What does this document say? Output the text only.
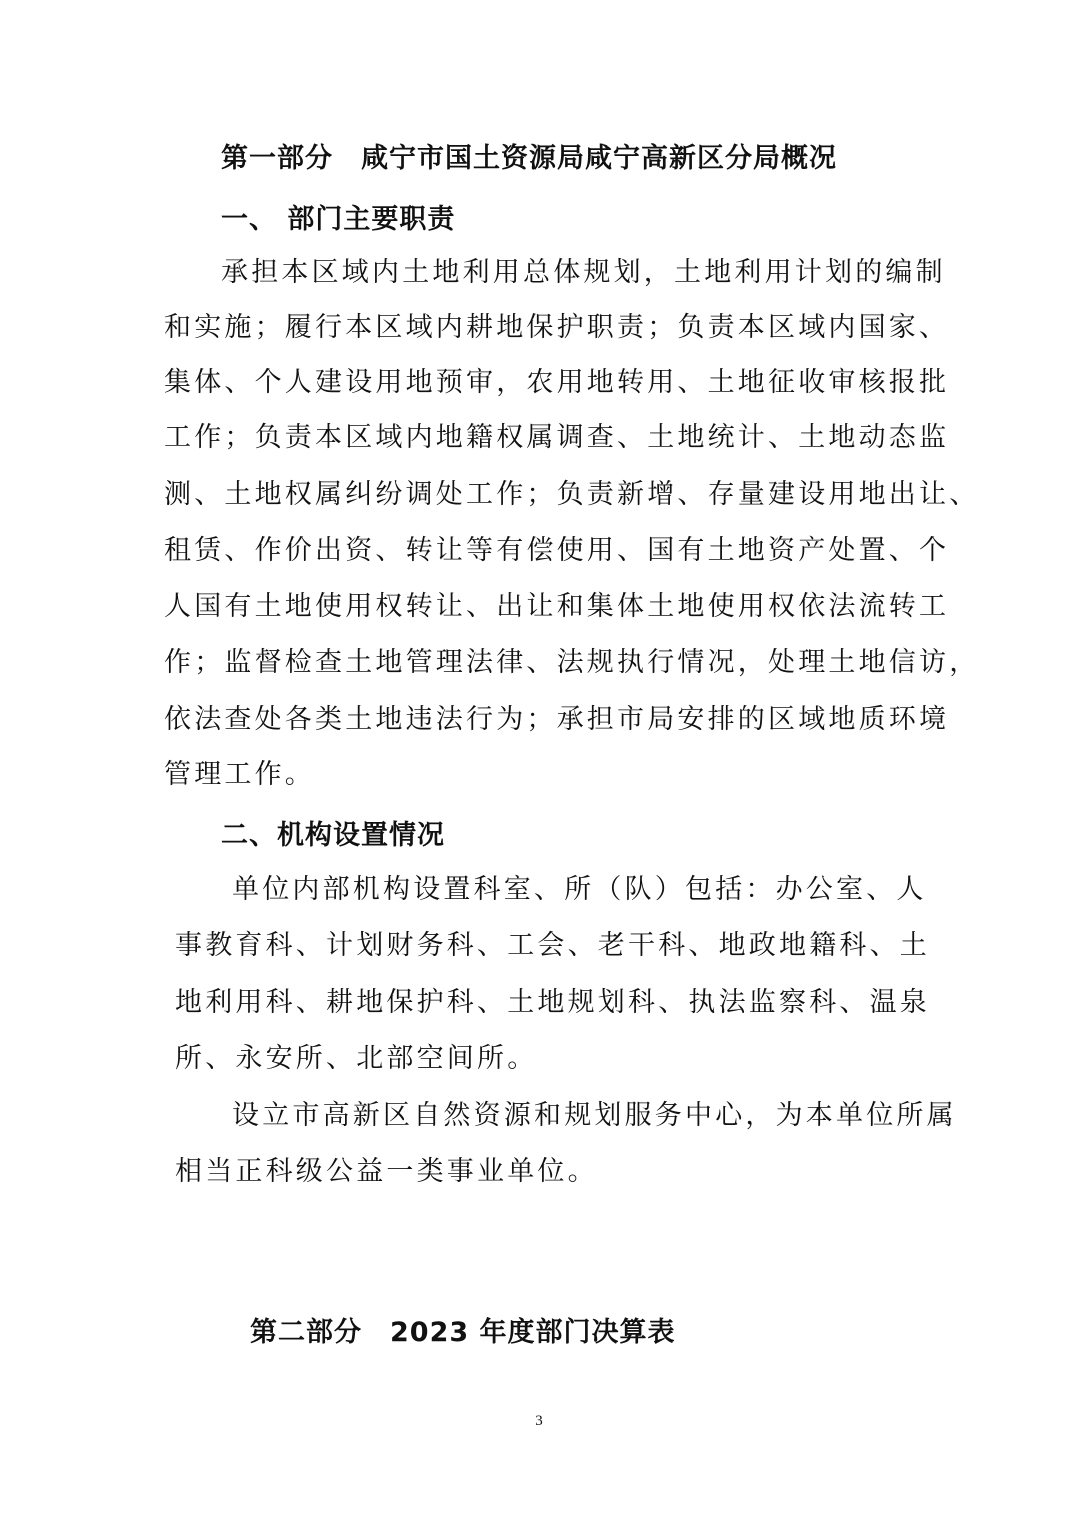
第一部分　咸宁市国土资源局咸宁高新区分局概况
一、 部门主要职责
承担本区域内土地利用总体规划，土地利用计划的编制
和实施；履行本区域内耕地保护职责；负责本区域内国家、
集体、个人建设用地预审，农用地转用、土地征收审核报批
工作；负责本区域内地籍权属调查、土地统计、土地动态监
测、土地权属纠纷调处工作；负责新增、存量建设用地出让、
租赁、作价出资、转让等有偿使用、国有土地资产处置、个
人国有土地使用权转让、出让和集体土地使用权依法流转工
作；监督检查土地管理法律、法规执行情况，处理土地信访，
依法查处各类土地违法行为；承担市局安排的区域地质环境
管理工作。
二、机构设置情况
单位内部机构设置科室、所（队）包括：办公室、人
事教育科、计划财务科、工会、老干科、地政地籍科、土
地利用科、耕地保护科、土地规划科、执法监察科、温泉
所、永安所、北部空间所。
设立市高新区自然资源和规划服务中心，为本单位所属
相当正科级公益一类事业单位。
第二部分　2023 年度部门决算表
3
